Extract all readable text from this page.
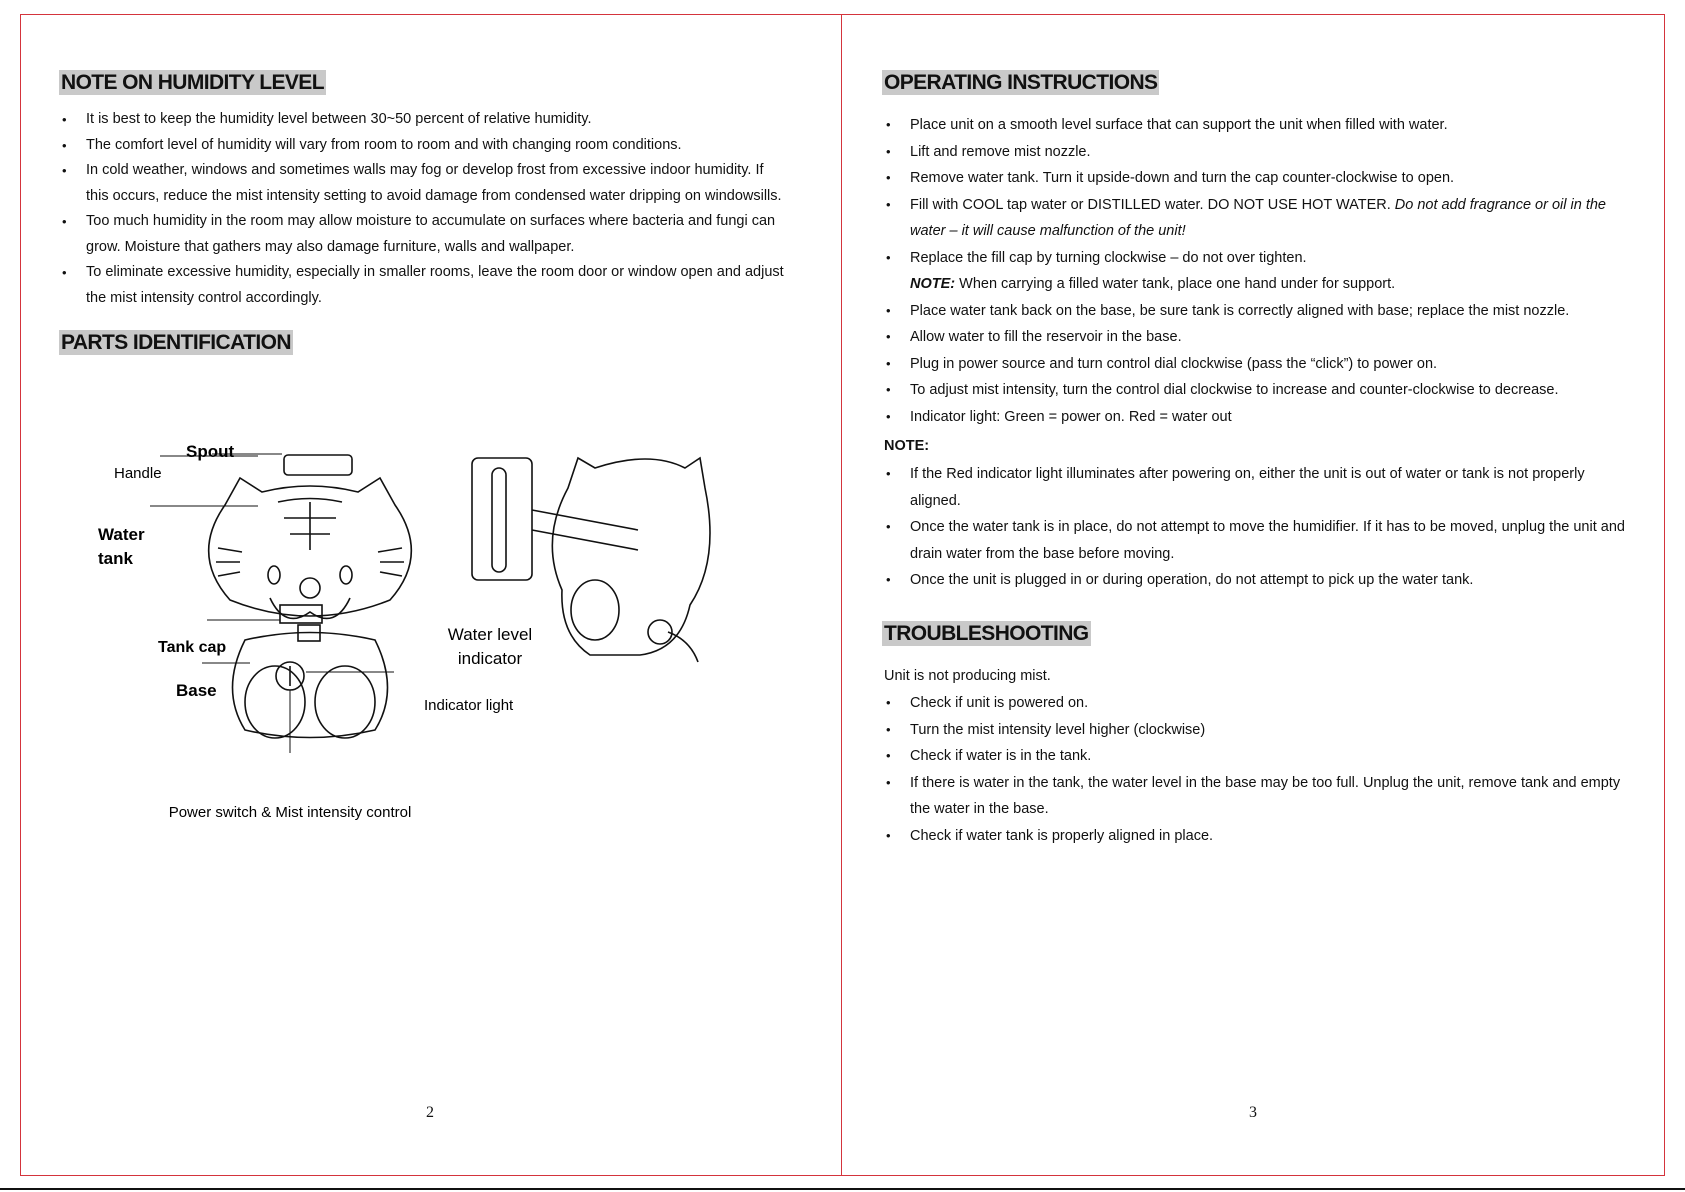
NOTE ON HUMIDITY LEVEL
• It is best to keep the humidity level between 30~50 percent of relative humidity.
• The comfort level of humidity will vary from room to room and with changing room conditions.
• In cold weather, windows and sometimes walls may fog or develop frost from excessive indoor humidity. If this occurs, reduce the mist intensity setting to avoid damage from condensed water dripping on windowsills.
• Too much humidity in the room may allow moisture to accumulate on surfaces where bacteria and fungi can grow. Moisture that gathers may also damage furniture, walls and wallpaper.
• To eliminate excessive humidity, especially in smaller rooms, leave the room door or window open and adjust the mist intensity control accordingly.
PARTS IDENTIFICATION
Spout
Handle
Water
tank
Tank cap
Base
Indicator light
Water level
indicator
Power switch & Mist intensity control
2
OPERATING INSTRUCTIONS
• Place unit on a smooth level surface that can support the unit when filled with water.
• Lift and remove mist nozzle.
• Remove water tank. Turn it upside-down and turn the cap counter-clockwise to open.
• Fill with COOL tap water or DISTILLED water. DO NOT USE HOT WATER. Do not add fragrance or oil in the water – it will cause malfunction of the unit!
• Replace the fill cap by turning clockwise – do not over tighten.
NOTE: When carrying a filled water tank, place one hand under for support.
• Place water tank back on the base, be sure tank is correctly aligned with base; replace the mist nozzle.
• Allow water to fill the reservoir in the base.
• Plug in power source and turn control dial clockwise (pass the “click”) to power on.
• To adjust mist intensity, turn the control dial clockwise to increase and counter-clockwise to decrease.
• Indicator light: Green = power on. Red = water out

NOTE:

• If the Red indicator light illuminates after powering on, either the unit is out of water or tank is not properly aligned.
• Once the water tank is in place, do not attempt to move the humidifier. If it has to be moved, unplug the unit and drain water from the base before moving.
• Once the unit is plugged in or during operation, do not attempt to pick up the water tank.
TROUBLESHOOTING

Unit is not producing mist.

• Check if unit is powered on.
• Turn the mist intensity level higher (clockwise)
• Check if water is in the tank.
• If there is water in the tank, the water level in the base may be too full. Unplug the unit, remove tank and empty the water in the base.
• Check if water tank is properly aligned in place.
3
